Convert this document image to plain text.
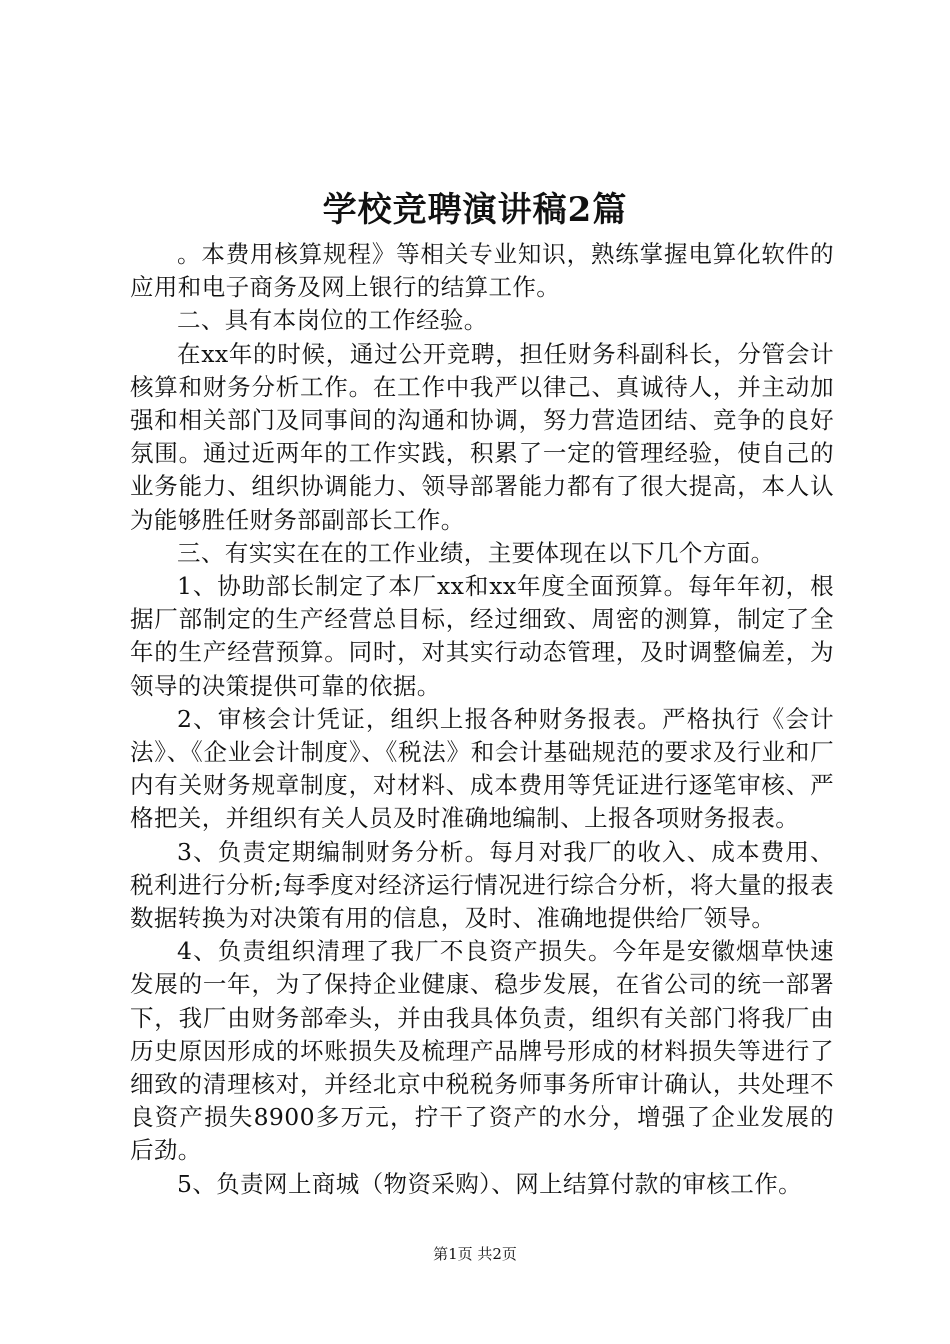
学校竞聘演讲稿2篇

。本费用核算规程》等相关专业知识，熟练掌握电算化软件的应用和电子商务及网上银行的结算工作。

二、具有本岗位的工作经验。

在xx年的时候，通过公开竞聘，担任财务科副科长，分管会计核算和财务分析工作。在工作中我严以律己、真诚待人，并主动加强和相关部门及同事间的沟通和协调，努力营造团结、竞争的良好氛围。通过近两年的工作实践，积累了一定的管理经验，使自己的业务能力、组织协调能力、领导部署能力都有了很大提高，本人认为能够胜任财务部副部长工作。

三、有实实在在的工作业绩，主要体现在以下几个方面。

1、协助部长制定了本厂xx和xx年度全面预算。每年年初，根据厂部制定的生产经营总目标，经过细致、周密的测算，制定了全年的生产经营预算。同时，对其实行动态管理，及时调整偏差，为领导的决策提供可靠的依据。

2、审核会计凭证，组织上报各种财务报表。严格执行《会计法》、《企业会计制度》、《税法》和会计基础规范的要求及行业和厂内有关财务规章制度，对材料、成本费用等凭证进行逐笔审核、严格把关，并组织有关人员及时准确地编制、上报各项财务报表。

3、负责定期编制财务分析。每月对我厂的收入、成本费用、税利进行分析;每季度对经济运行情况进行综合分析，将大量的报表数据转换为对决策有用的信息，及时、准确地提供给厂领导。

4、负责组织清理了我厂不良资产损失。今年是安徽烟草快速发展的一年，为了保持企业健康、稳步发展，在省公司的统一部署下，我厂由财务部牵头，并由我具体负责，组织有关部门将我厂由历史原因形成的坏账损失及梳理产品牌号形成的材料损失等进行了细致的清理核对，并经北京中税税务师事务所审计确认，共处理不良资产损失8900多万元，拧干了资产的水分，增强了企业发展的后劲。

5、负责网上商城（物资采购）、网上结算付款的审核工作。

第1页 共2页
